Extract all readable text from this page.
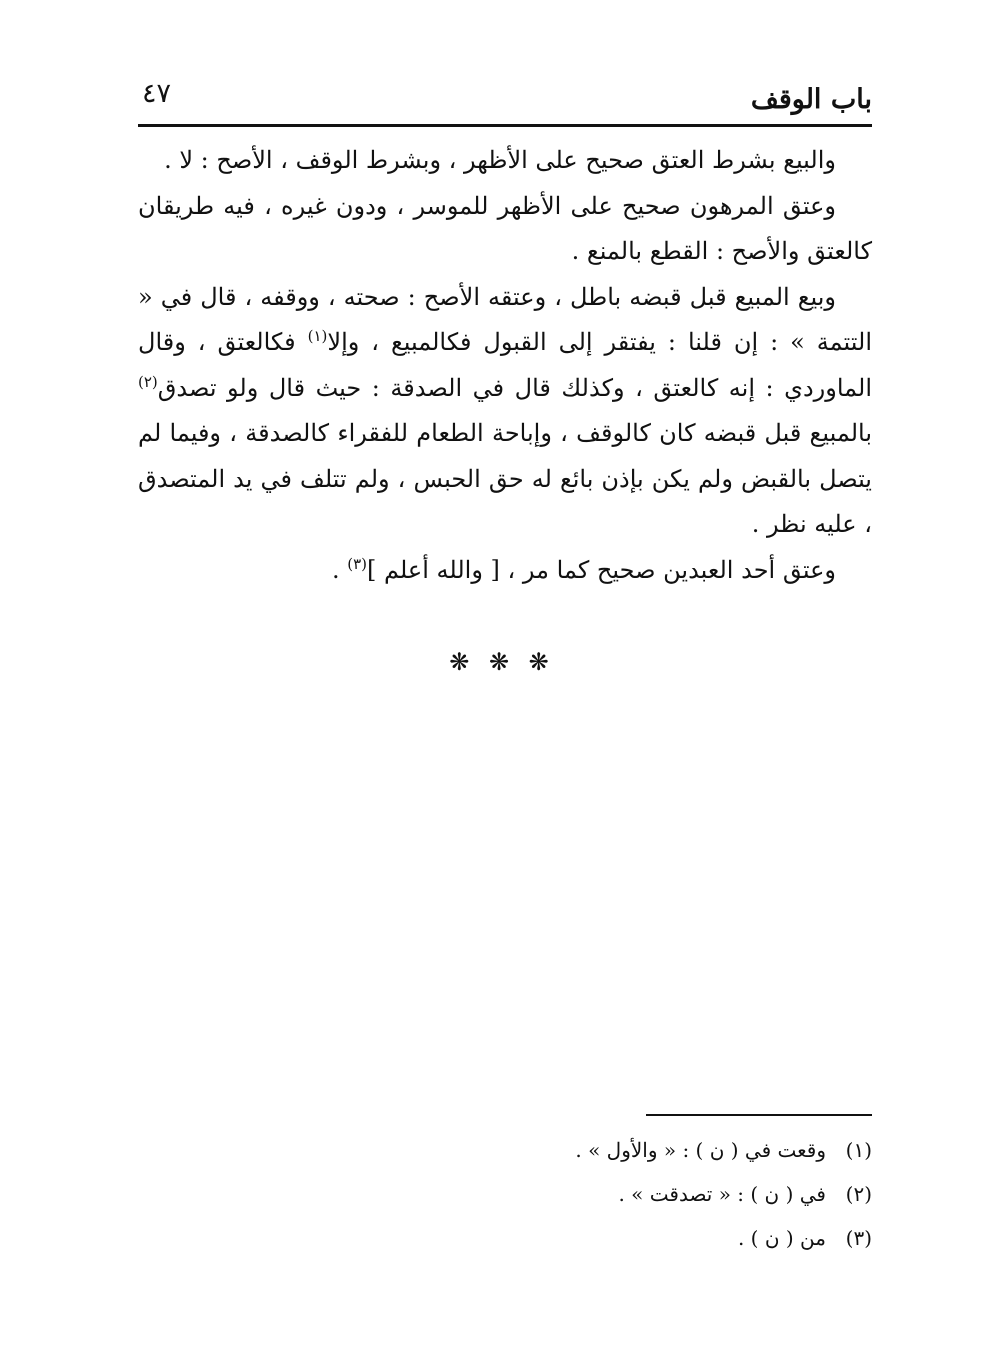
٤٧	باب الوقف

والبيع بشرط العتق صحيح على الأظهر ، وبشرط الوقف ، الأصح : لا .

وعتق المرهون صحيح على الأظهر للموسر ، ودون غيره ، فيه طريقان كالعتق والأصح : القطع بالمنع .

وبيع المبيع قبل قبضه باطل ، وعتقه الأصح : صحته ، ووقفه ، قال في « التتمة » : إن قلنا : يفتقر إلى القبول فكالمبيع ، وإلا$^{(١)}$ فكالعتق ، وقال الماوردي : إنه كالعتق ، وكذلك قال في الصدقة : حيث قال ولو تصدق$^{(٢)}$ بالمبيع قبل قبضه كان كالوقف ، وإباحة الطعام للفقراء كالصدقة ، وفيما لم يتصل بالقبض ولم يكن بإذن بائع له حق الحبس ، ولم تتلف في يد المتصدق ، عليه نظر .

وعتق أحد العبدين صحيح كما مر ، [ والله أعلم ]$^{(٣)}$ .

❋ ❋ ❋
(١)وقعت في ( ن ) : « والأول » .
(٢)في ( ن ) : « تصدقت » .
(٣)من ( ن ) .
